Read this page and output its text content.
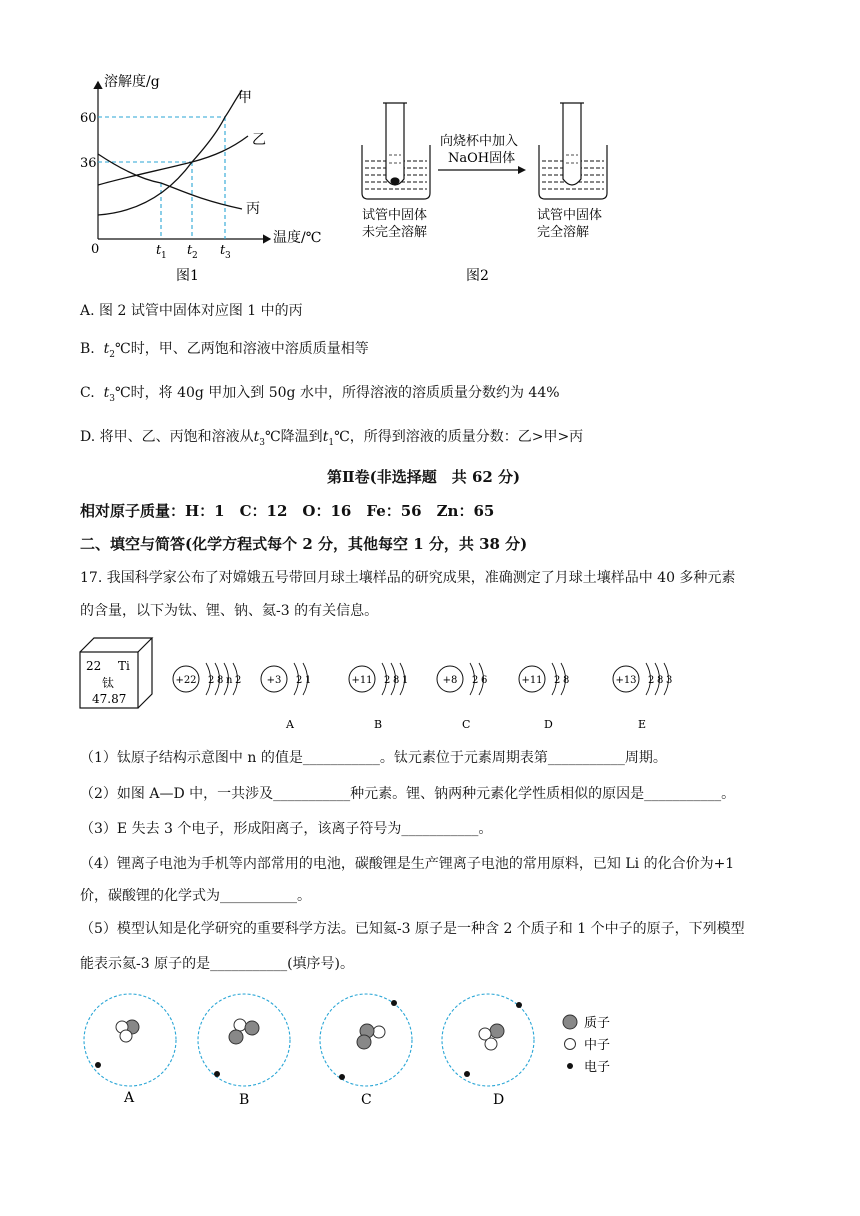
溶解度/g
温度/℃
60
36
0	t 1 t 2 t 3
甲
乙
丙
图1
向烧杯中加入
NaOH固体
试管中固体
未完全溶解
试管中固体
完全溶解
图2
A. 图 2 试管中固体对应图 1 中的丙
B. $t_2℃$时，甲、乙两饱和溶液中溶质质量相等
C. $t_3℃$时，将 40g 甲加入到 50g 水中，所得溶液的溶质质量分数约为 44%
D. 将甲、乙、丙饱和溶液从$t_3℃$降温到$t_1℃$，所得到溶液的质量分数：乙>甲>丙
第Ⅱ卷(非选择题　共 62 分)
相对原子质量：H：1　C：12　O：16　Fe：56　Zn：65
二、填空与简答(化学方程式每个 2 分，其他每空 1 分，共 38 分)
17. 我国科学家公布了对嫦娥五号带回月球土壤样品的研究成果，准确测定了月球土壤样品中 40 多种元素
的含量，以下为钛、锂、钠、氦-3 的有关信息。
22 Ti
钛
47.87
+22 2 8 n 2	+3 2 1
A
+11 2 8 1
B
+8 2 6
C
+11 2 8
D
+13 2 8 3
E
（1）钛原子结构示意图中 n 的值是___________。钛元素位于元素周期表第___________周期。
（2）如图 A—D 中，一共涉及___________种元素。锂、钠两种元素化学性质相似的原因是___________。
（3）E 失去 3 个电子，形成阳离子，该离子符号为___________。
（4）锂离子电池为手机等内部常用的电池，碳酸锂是生产锂离子电池的常用原料，已知 Li 的化合价为+1
价，碳酸锂的化学式为___________。
（5）模型认知是化学研究的重要科学方法。已知氦-3 原子是一种含 2 个质子和 1 个中子的原子，下列模型
能表示氦-3 原子的是___________(填序号)。
A	B	C	D
质子
中子
电子
